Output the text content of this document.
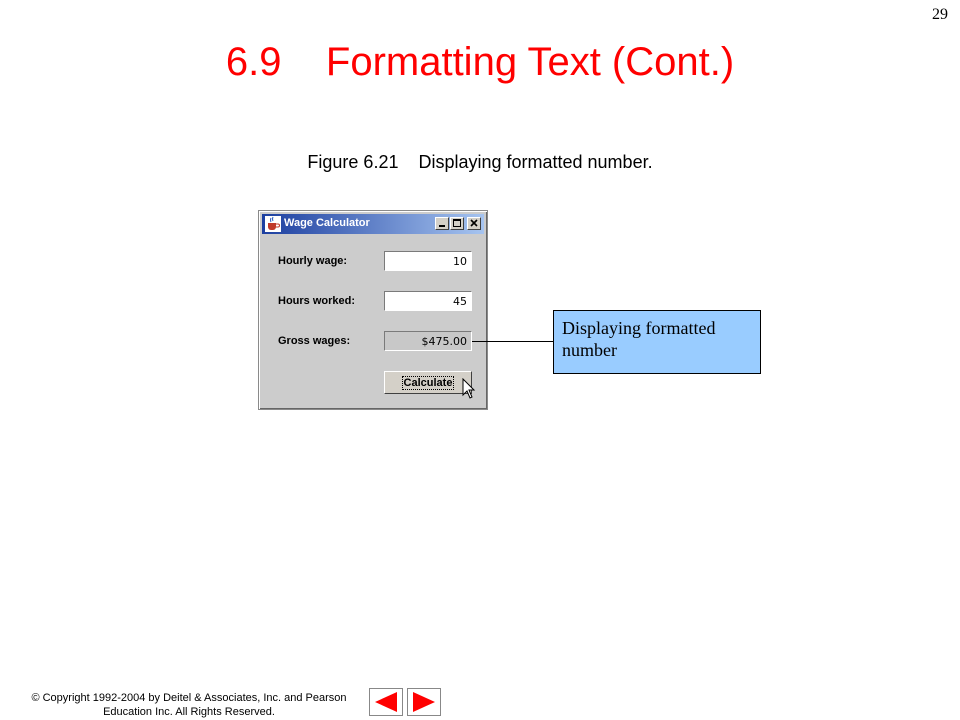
29
6.9    Formatting Text (Cont.)
Figure 6.21    Displaying formatted number.
Wage Calculator
Hourly wage:	10
Hours worked:	45
Gross wages:	$475.00
Calculate
Displaying formatted number
© Copyright 1992-2004 by Deitel & Associates, Inc. and Pearson
Education Inc. All Rights Reserved.
